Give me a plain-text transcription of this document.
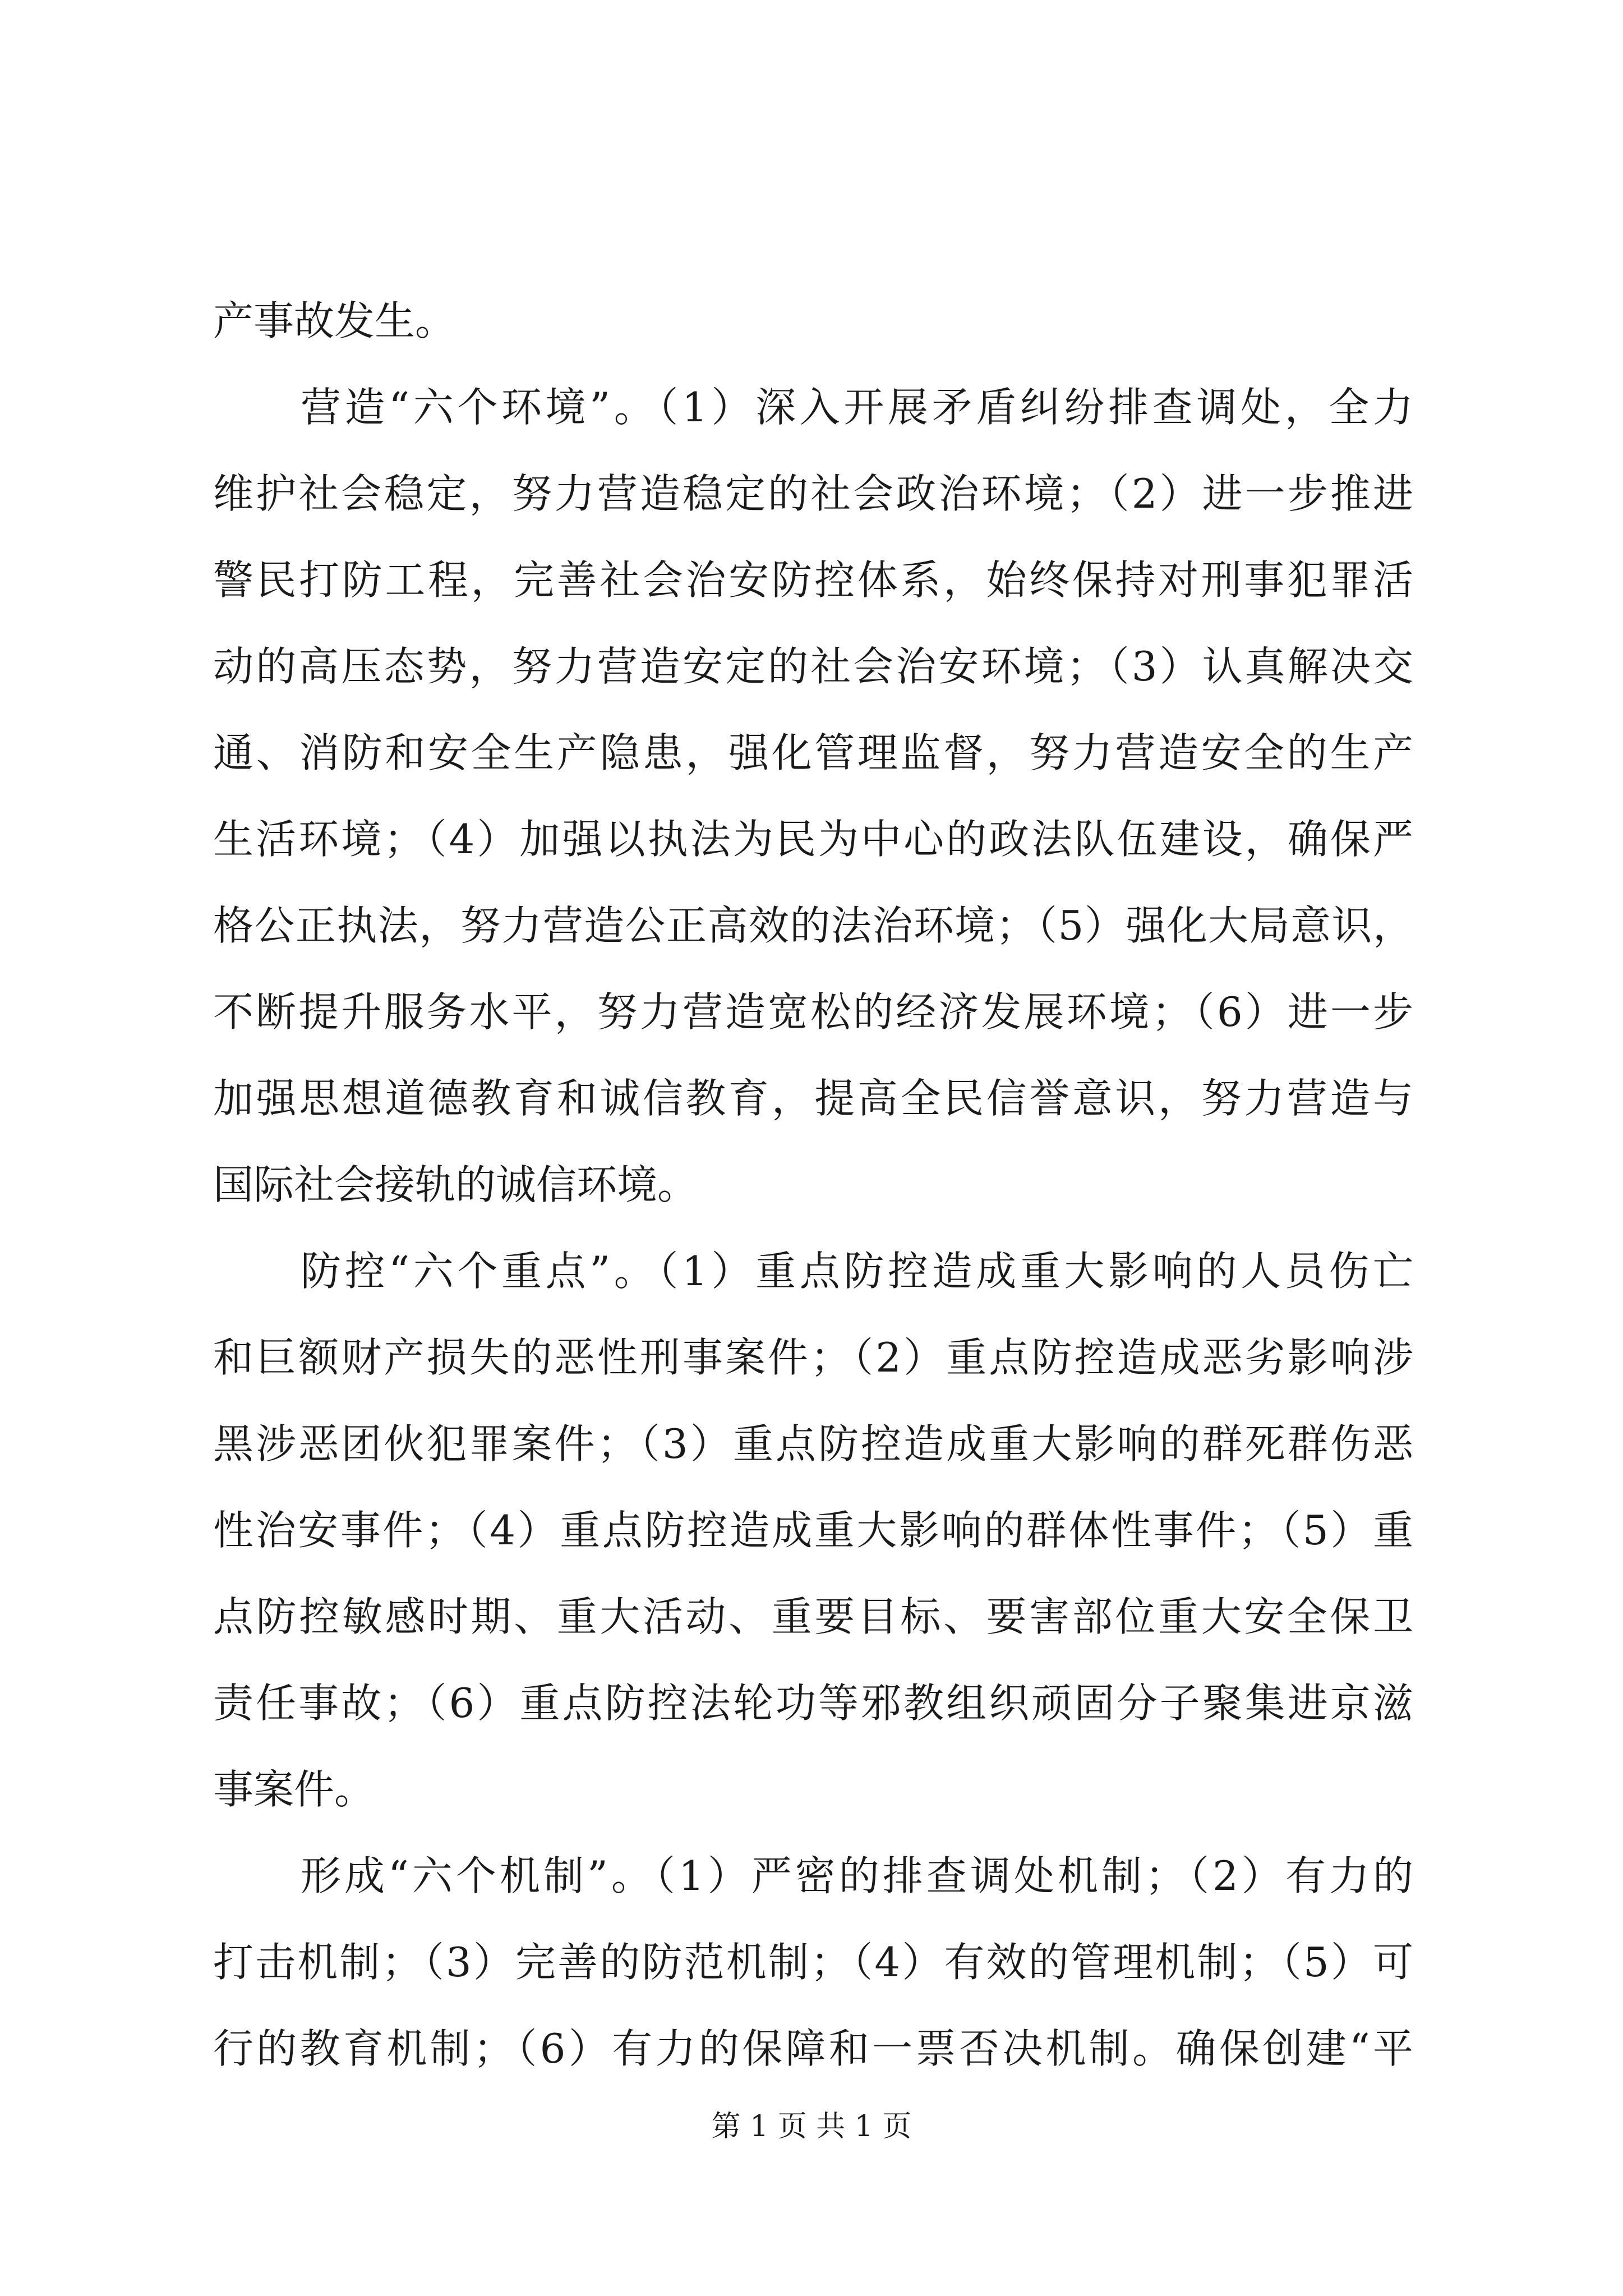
产事故发生。
营造“六个环境”。（1）深入开展矛盾纠纷排查调处，全力
维护社会稳定，努力营造稳定的社会政治环境；（2）进一步推进
警民打防工程，完善社会治安防控体系，始终保持对刑事犯罪活
动的高压态势，努力营造安定的社会治安环境；（3）认真解决交
通、消防和安全生产隐患，强化管理监督，努力营造安全的生产
生活环境；（4）加强以执法为民为中心的政法队伍建设，确保严
格公正执法，努力营造公正高效的法治环境；（5）强化大局意识，
不断提升服务水平，努力营造宽松的经济发展环境；（6）进一步
加强思想道德教育和诚信教育，提高全民信誉意识，努力营造与
国际社会接轨的诚信环境。
防控“六个重点”。（1）重点防控造成重大影响的人员伤亡
和巨额财产损失的恶性刑事案件；（2）重点防控造成恶劣影响涉
黑涉恶团伙犯罪案件；（3）重点防控造成重大影响的群死群伤恶
性治安事件；（4）重点防控造成重大影响的群体性事件；（5）重
点防控敏感时期、重大活动、重要目标、要害部位重大安全保卫
责任事故；（6）重点防控法轮功等邪教组织顽固分子聚集进京滋
事案件。
形成“六个机制”。（1）严密的排查调处机制；（2）有力的
打击机制；（3）完善的防范机制；（4）有效的管理机制；（5）可
行的教育机制；（6）有力的保障和一票否决机制。确保创建“平
第 1 页 共 1 页
